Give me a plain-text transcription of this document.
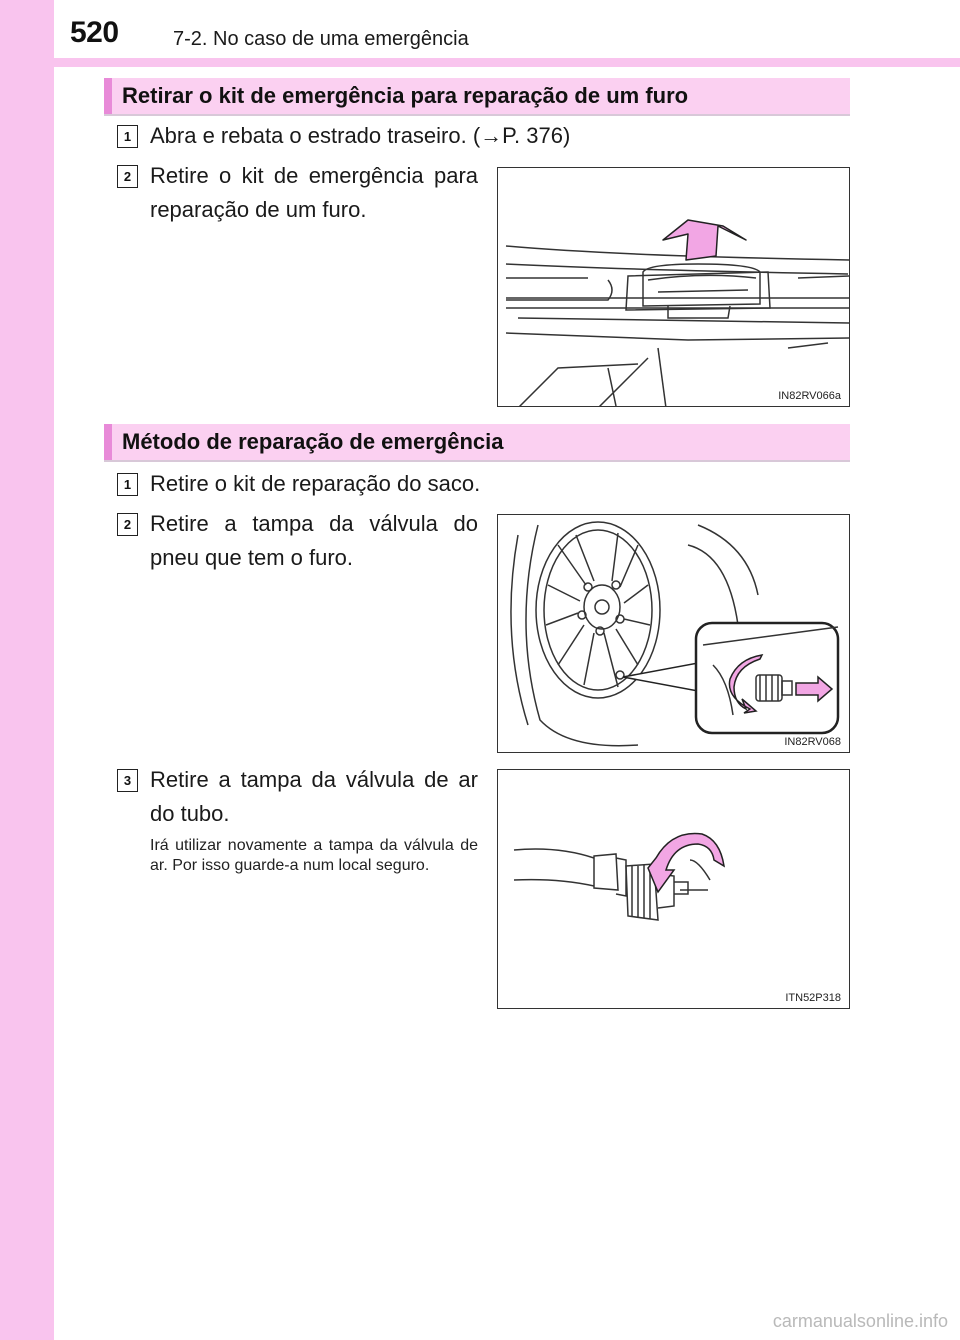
520	7-2. No caso de uma emergência
Retirar o kit de emergência para reparação de um furo
1 Abra e rebata o estrado traseiro. (→P. 376)
2 Retire o kit de emergência para reparação de um furo.
IN82RV066a
Método de reparação de emergência
1 Retire o kit de reparação do saco.
2 Retire a tampa da válvula do pneu que tem o furo.
IN82RV068
3 Retire a tampa da válvula de ar do tubo.
Irá utilizar novamente a tampa da válvula de ar. Por isso guarde-a num local seguro.
ITN52P318
carmanualsonline.info
